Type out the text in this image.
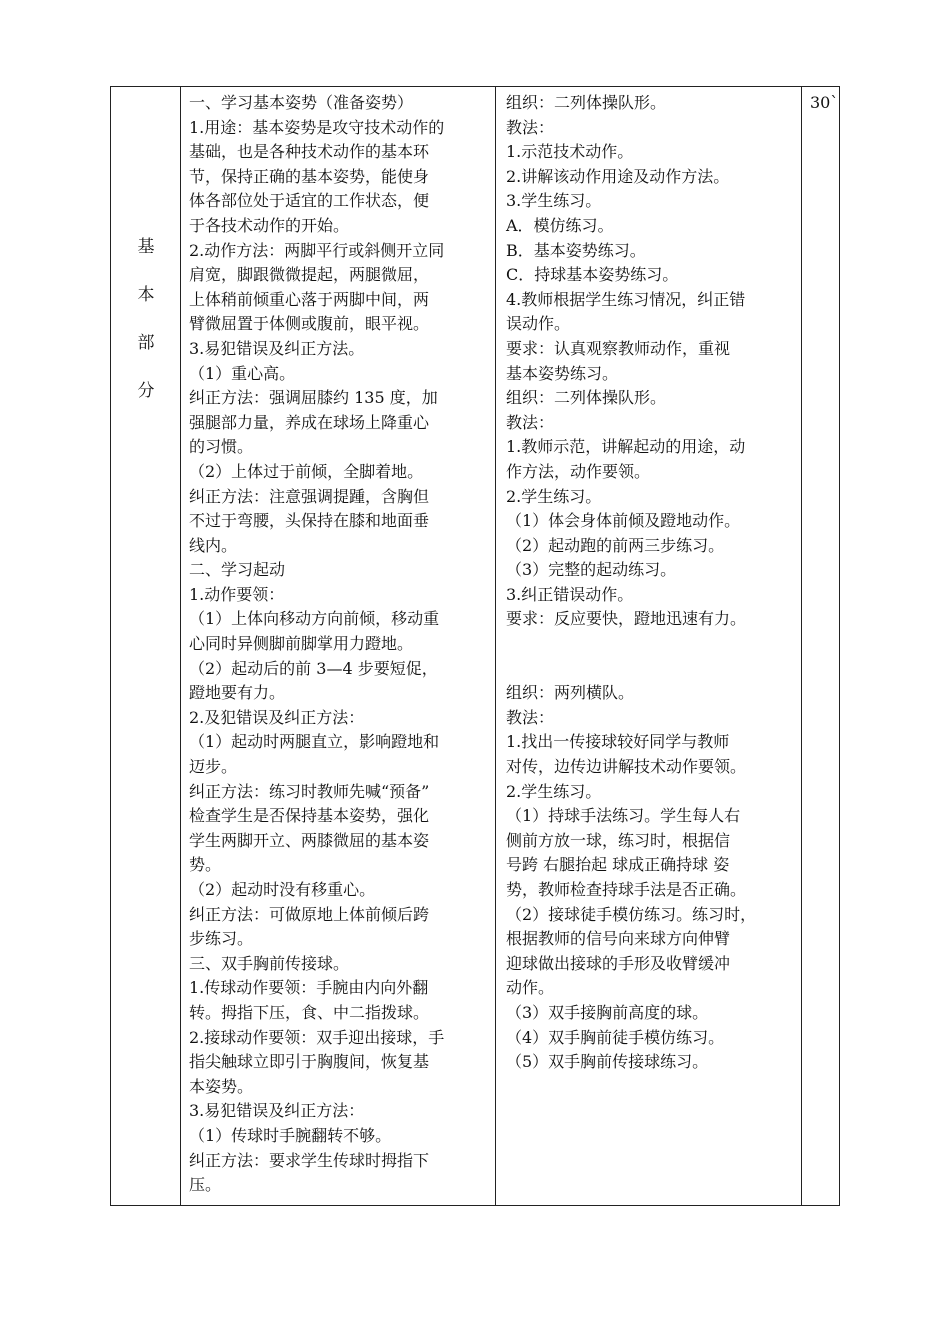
基
本
部
分
一、学习基本姿势（准备姿势）
1.用途：基本姿势是攻守技术动作的
基础，也是各种技术动作的基本环
节，保持正确的基本姿势，能使身
体各部位处于适宜的工作状态，便
于各技术动作的开始。
2.动作方法：两脚平行或斜侧开立同
肩宽，脚跟微微提起，两腿微屈，
上体稍前倾重心落于两脚中间，两
臂微屈置于体侧或腹前，眼平视。
3.易犯错误及纠正方法。
（1）重心高。
纠正方法：强调屈膝约 135 度，加
强腿部力量，养成在球场上降重心
的习惯。
（2）上体过于前倾，全脚着地。
纠正方法：注意强调提踵，含胸但
不过于弯腰，头保持在膝和地面垂
线内。
二、学习起动
1.动作要领：
（1）上体向移动方向前倾，移动重
心同时异侧脚前脚掌用力蹬地。
（2）起动后的前 3—4 步要短促，
蹬地要有力。
2.及犯错误及纠正方法：
（1）起动时两腿直立，影响蹬地和
迈步。
纠正方法：练习时教师先喊“预备”
检查学生是否保持基本姿势，强化
学生两脚开立、两膝微屈的基本姿
势。
（2）起动时没有移重心。
纠正方法：可做原地上体前倾后跨
步练习。
三、双手胸前传接球。
1.传球动作要领：手腕由内向外翻
转。拇指下压，食、中二指拨球。
2.接球动作要领：双手迎出接球，手
指尖触球立即引于胸腹间，恢复基
本姿势。
3.易犯错误及纠正方法：
（1）传球时手腕翻转不够。
纠正方法：要求学生传球时拇指下
压。
组织：二列体操队形。
教法：
1.示范技术动作。
2.讲解该动作用途及动作方法。
3.学生练习。
A．模仿练习。
B．基本姿势练习。
C．持球基本姿势练习。
4.教师根据学生练习情况，纠正错
误动作。
要求：认真观察教师动作，重视
基本姿势练习。
组织：二列体操队形。
教法：
1.教师示范，讲解起动的用途，动
作方法，动作要领。
2.学生练习。
（1）体会身体前倾及蹬地动作。
（2）起动跑的前两三步练习。
（3）完整的起动练习。
3.纠正错误动作。
要求：反应要快，蹬地迅速有力。
组织：两列横队。
教法：
1.找出一传接球较好同学与教师
对传，边传边讲解技术动作要领。
2.学生练习。
（1）持球手法练习。学生每人右
侧前方放一球，练习时，根据信
号跨 右腿抬起 球成正确持球 姿
势，教师检查持球手法是否正确。
（2）接球徒手模仿练习。练习时，
根据教师的信号向来球方向伸臂
迎球做出接球的手形及收臂缓冲
动作。
（3）双手接胸前高度的球。
（4）双手胸前徒手模仿练习。
（5）双手胸前传接球练习。
30`
